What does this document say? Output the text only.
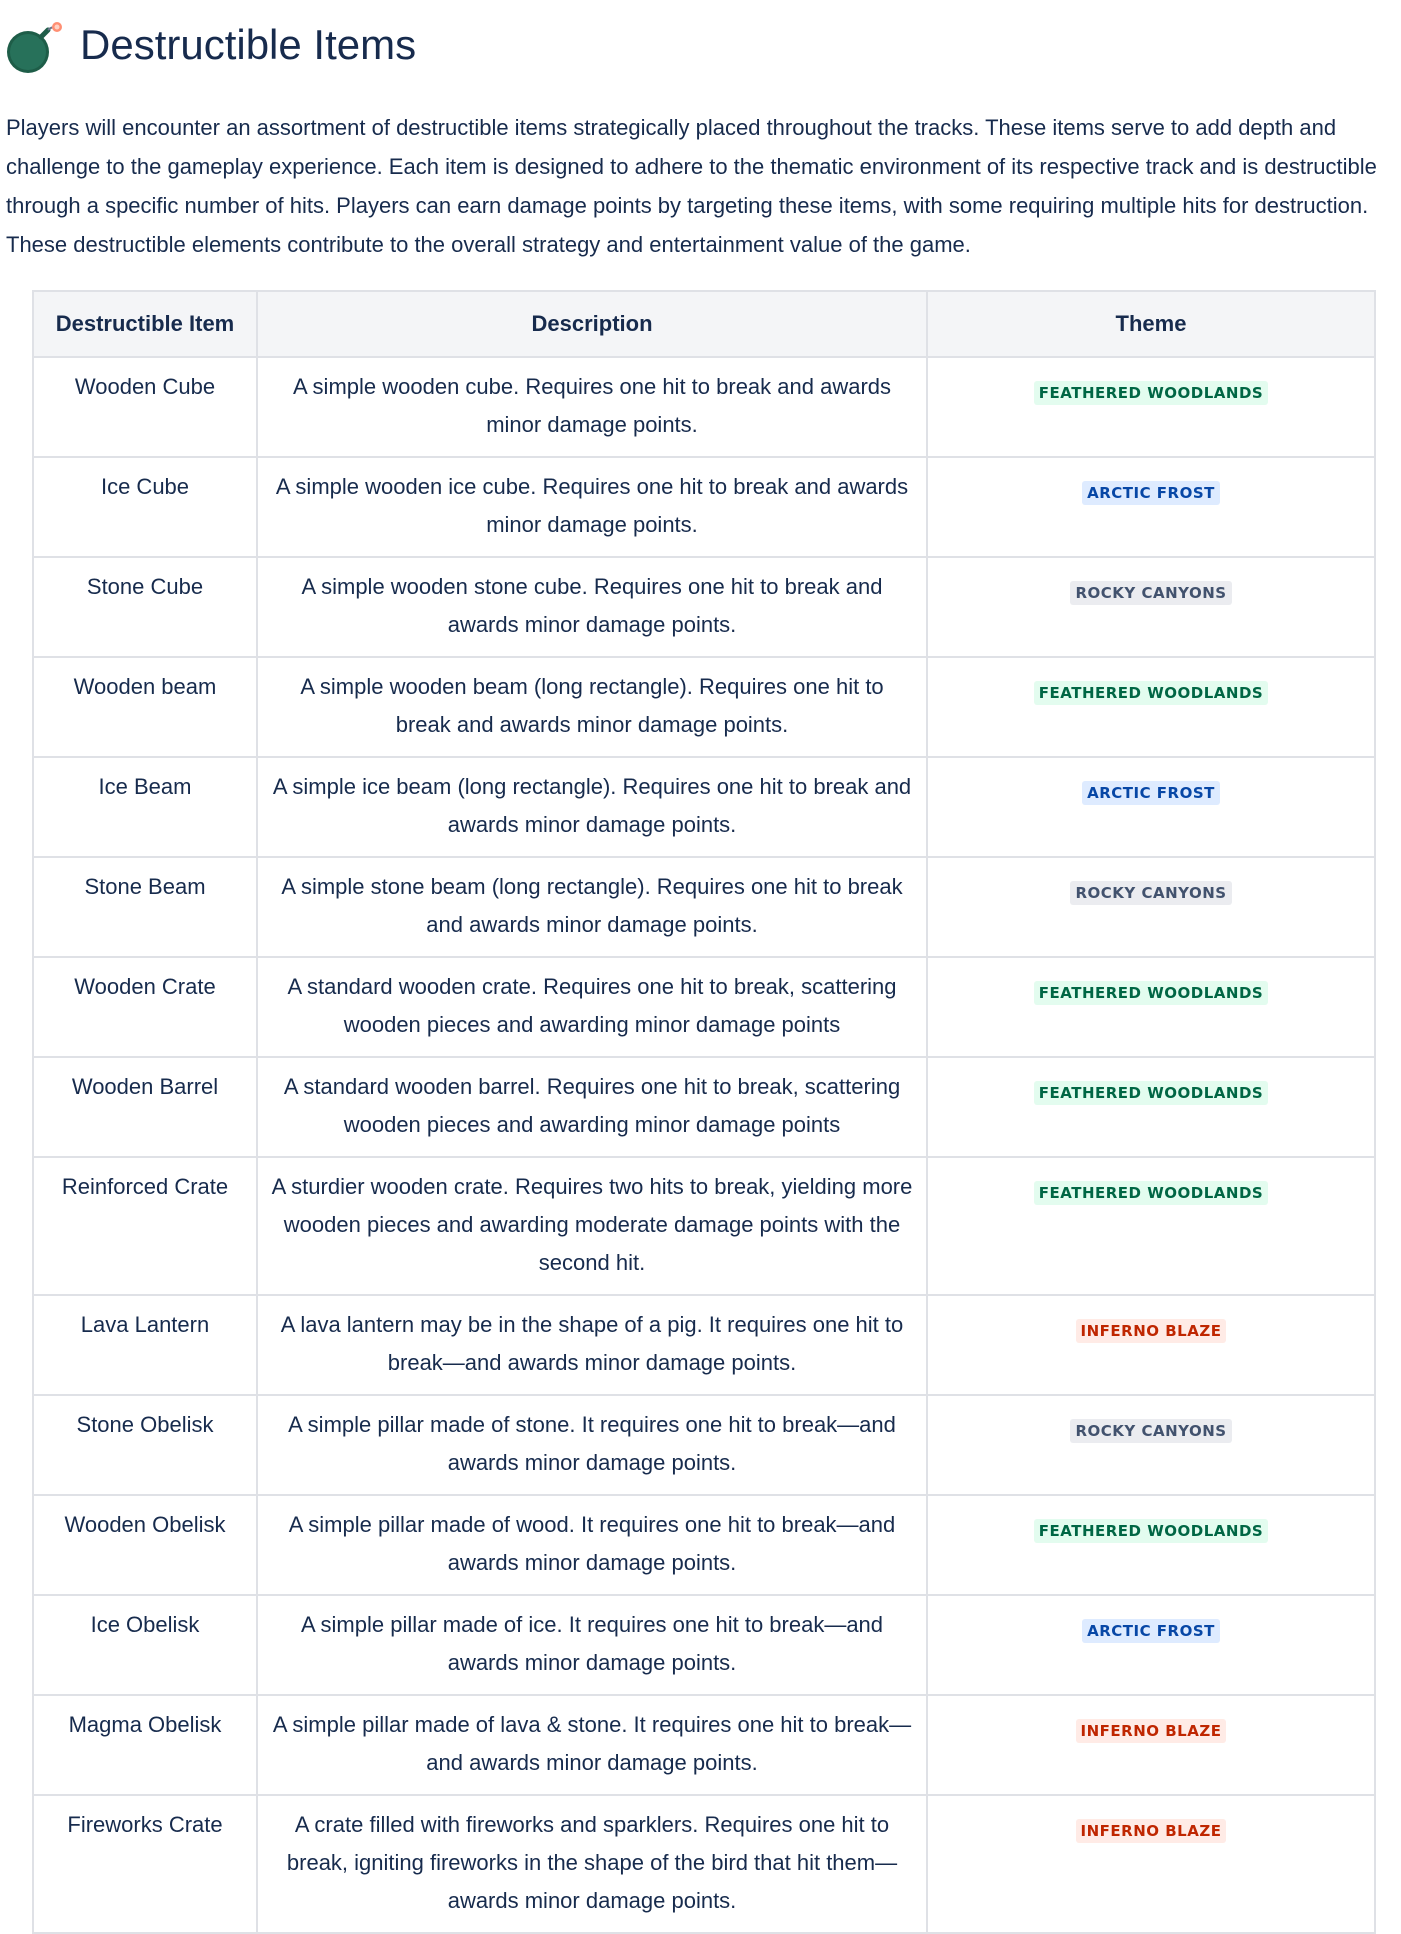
Destructible Items

Players will encounter an assortment of destructible items strategically placed throughout the tracks. These items serve to add depth and challenge to the gameplay experience. Each item is designed to adhere to the thematic environment of its respective track and is destructible through a specific number of hits. Players can earn damage points by targeting these items, with some requiring multiple hits for destruction. These destructible elements contribute to the overall strategy and entertainment value of the game.

Destructible Item	Description	Theme
Wooden Cube	A simple wooden cube. Requires one hit to break and awards minor damage points.	FEATHERED WOODLANDS
Ice Cube	A simple wooden ice cube. Requires one hit to break and awards minor damage points.	ARCTIC FROST
Stone Cube	A simple wooden stone cube. Requires one hit to break and awards minor damage points.	ROCKY CANYONS
Wooden beam	A simple wooden beam (long rectangle). Requires one hit to break and awards minor damage points.	FEATHERED WOODLANDS
Ice Beam	A simple ice beam (long rectangle). Requires one hit to break and awards minor damage points.	ARCTIC FROST
Stone Beam	A simple stone beam (long rectangle). Requires one hit to break and awards minor damage points.	ROCKY CANYONS
Wooden Crate	A standard wooden crate. Requires one hit to break, scattering wooden pieces and awarding minor damage points	FEATHERED WOODLANDS
Wooden Barrel	A standard wooden barrel. Requires one hit to break, scattering wooden pieces and awarding minor damage points	FEATHERED WOODLANDS
Reinforced Crate	A sturdier wooden crate. Requires two hits to break, yielding more wooden pieces and awarding moderate damage points with the second hit.	FEATHERED WOODLANDS
Lava Lantern	A lava lantern may be in the shape of a pig. It requires one hit to break—and awards minor damage points.	INFERNO BLAZE
Stone Obelisk	A simple pillar made of stone. It requires one hit to break—and awards minor damage points.	ROCKY CANYONS
Wooden Obelisk	A simple pillar made of wood. It requires one hit to break—and awards minor damage points.	FEATHERED WOODLANDS
Ice Obelisk	A simple pillar made of ice. It requires one hit to break—and awards minor damage points.	ARCTIC FROST
Magma Obelisk	A simple pillar made of lava & stone. It requires one hit to break—and awards minor damage points.	INFERNO BLAZE
Fireworks Crate	A crate filled with fireworks and sparklers. Requires one hit to break, igniting fireworks in the shape of the bird that hit them—awards minor damage points.	INFERNO BLAZE
